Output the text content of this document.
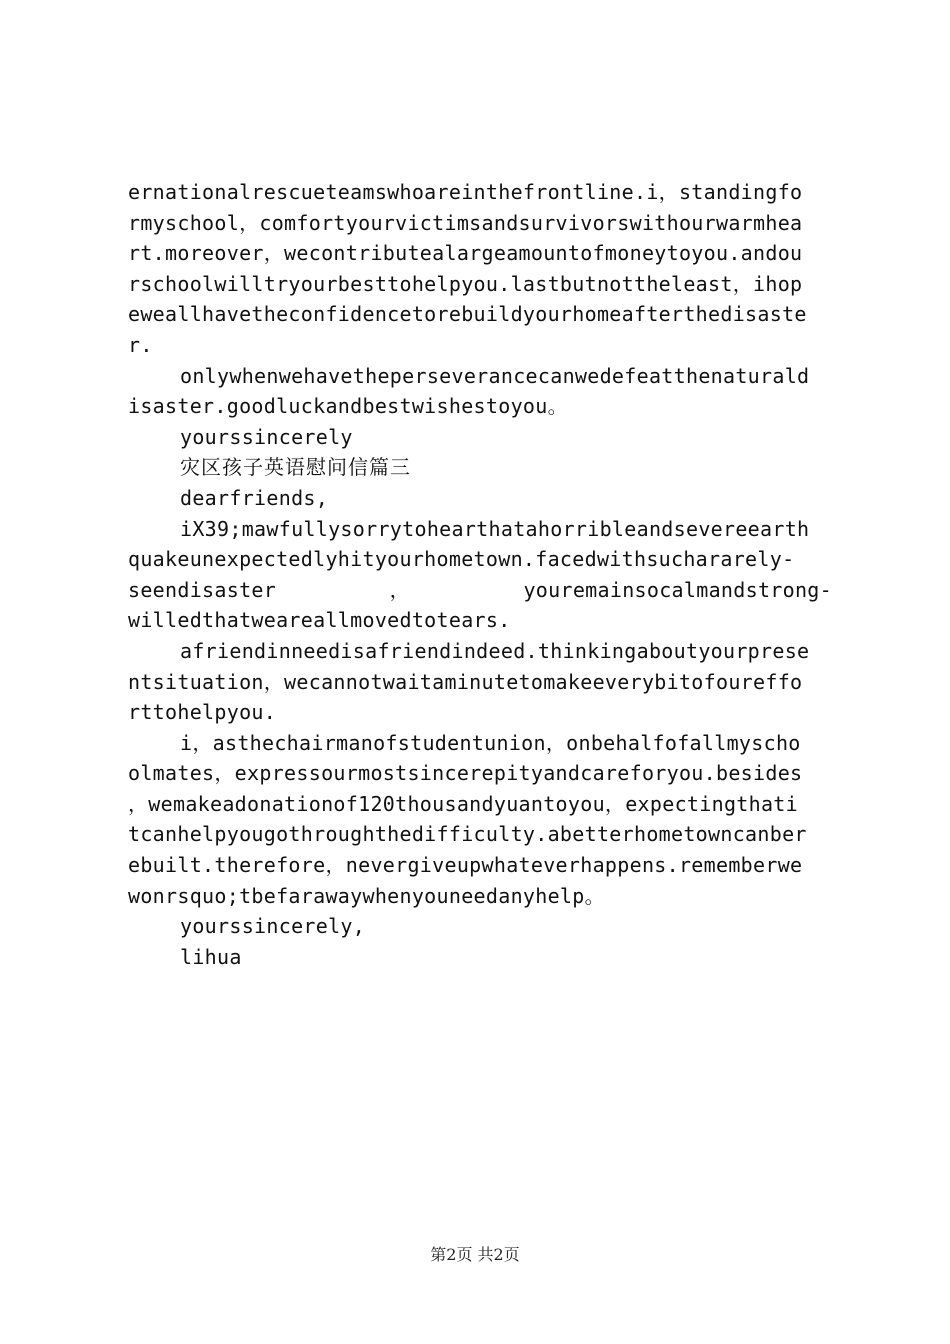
ernationalrescueteamswhoareinthefrontline.i，standingfo
rmyschool，comfortyourvictimsandsurvivorswithourwarmhea
rt.moreover，wecontributealargeamountofmoneytoyou.andou
rschoolwilltryourbesttohelpyou.lastbutnottheleast，ihop
eweallhavetheconfidencetorebuildyourhomeafterthedisaste
r.
onlywhenwehavetheperseverancecanwedefeatthenaturald
isaster.goodluckandbestwishestoyou。
yourssincerely
灾区孩子英语慰问信篇三
dearfriends,
iX39;mawfullysorrytohearthatahorribleandsevereearth
quakeunexpectedlyhityourhometown.facedwithsuchararely-
seendisaster	，	youremainsocalmandstrong-
willedthatweareallmovedtotears.
afriendinneedisafriendindeed.thinkingaboutyourprese
ntsituation，wecannotwaitaminutetomakeeverybitofoureffo
rttohelpyou.
i，asthechairmanofstudentunion，onbehalfofallmyscho
olmates，expressourmostsincerepityandcareforyou.besides
，wemakeadonationof120thousandyuantoyou，expectingthati
tcanhelpyougothroughthedifficulty.abetterhometowncanber
ebuilt.therefore，nevergiveupwhateverhappens.rememberwe
wonrsquo;tbefarawaywhenyouneedanyhelp。
yourssincerely,
lihua
第2页 共2页
